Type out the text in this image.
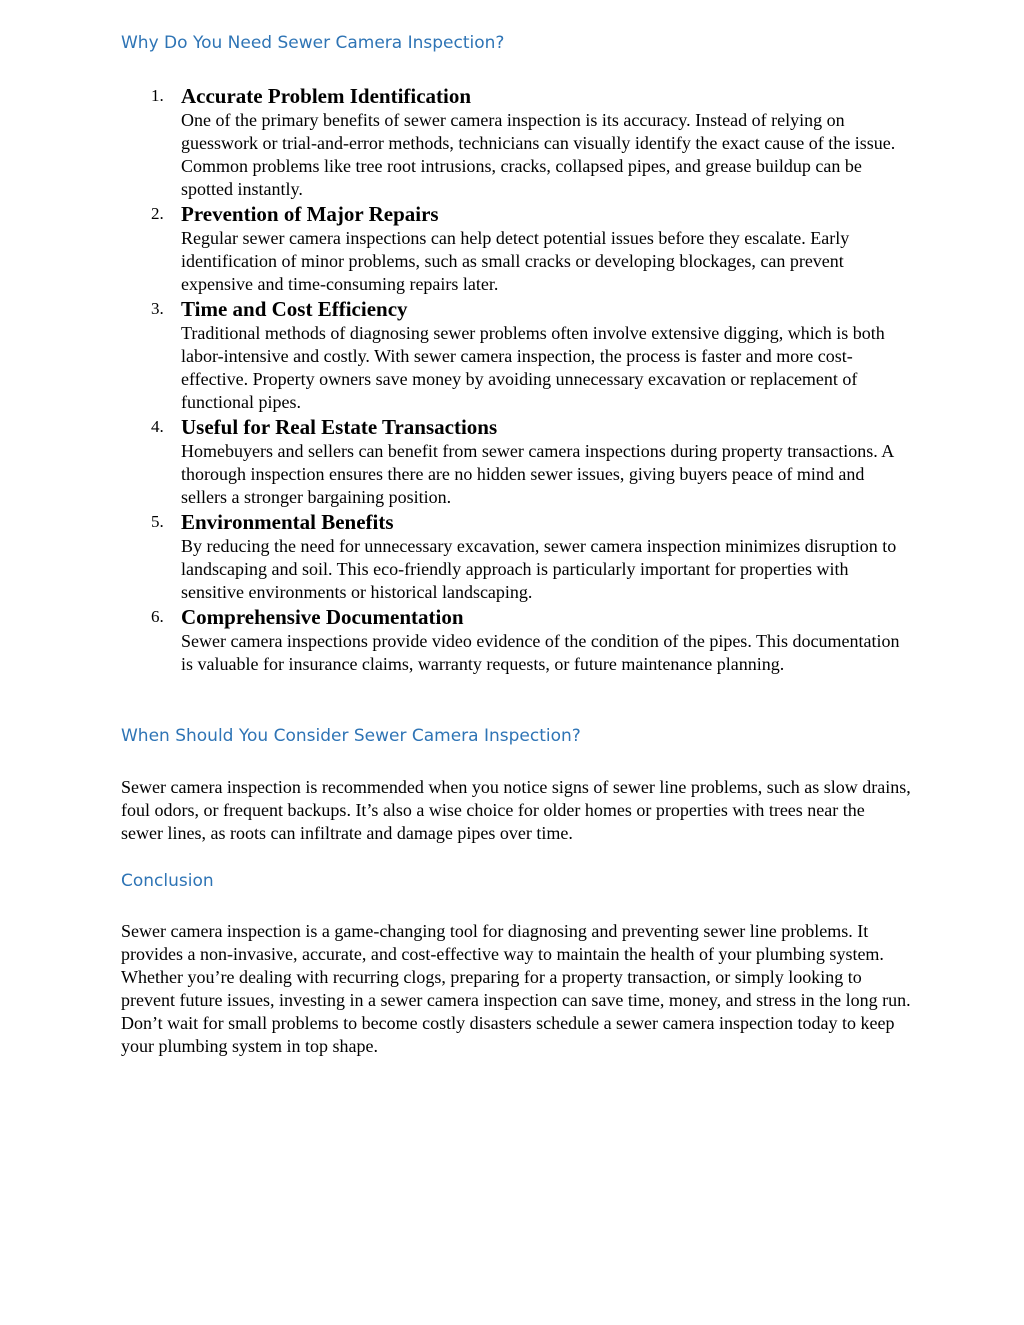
Why Do You Need Sewer Camera Inspection?
1. Accurate Problem Identification
One of the primary benefits of sewer camera inspection is its accuracy. Instead of relying on guesswork or trial-and-error methods, technicians can visually identify the exact cause of the issue. Common problems like tree root intrusions, cracks, collapsed pipes, and grease buildup can be spotted instantly.
2. Prevention of Major Repairs
Regular sewer camera inspections can help detect potential issues before they escalate. Early identification of minor problems, such as small cracks or developing blockages, can prevent expensive and time-consuming repairs later.
3. Time and Cost Efficiency
Traditional methods of diagnosing sewer problems often involve extensive digging, which is both labor-intensive and costly. With sewer camera inspection, the process is faster and more cost-effective. Property owners save money by avoiding unnecessary excavation or replacement of functional pipes.
4. Useful for Real Estate Transactions
Homebuyers and sellers can benefit from sewer camera inspections during property transactions. A thorough inspection ensures there are no hidden sewer issues, giving buyers peace of mind and sellers a stronger bargaining position.
5. Environmental Benefits
By reducing the need for unnecessary excavation, sewer camera inspection minimizes disruption to landscaping and soil. This eco-friendly approach is particularly important for properties with sensitive environments or historical landscaping.
6. Comprehensive Documentation
Sewer camera inspections provide video evidence of the condition of the pipes. This documentation is valuable for insurance claims, warranty requests, or future maintenance planning.
When Should You Consider Sewer Camera Inspection?

Sewer camera inspection is recommended when you notice signs of sewer line problems, such as slow drains, foul odors, or frequent backups. It’s also a wise choice for older homes or properties with trees near the sewer lines, as roots can infiltrate and damage pipes over time.

Conclusion

Sewer camera inspection is a game-changing tool for diagnosing and preventing sewer line problems. It provides a non-invasive, accurate, and cost-effective way to maintain the health of your plumbing system. Whether you’re dealing with recurring clogs, preparing for a property transaction, or simply looking to prevent future issues, investing in a sewer camera inspection can save time, money, and stress in the long run. Don’t wait for small problems to become costly disasters schedule a sewer camera inspection today to keep your plumbing system in top shape.
